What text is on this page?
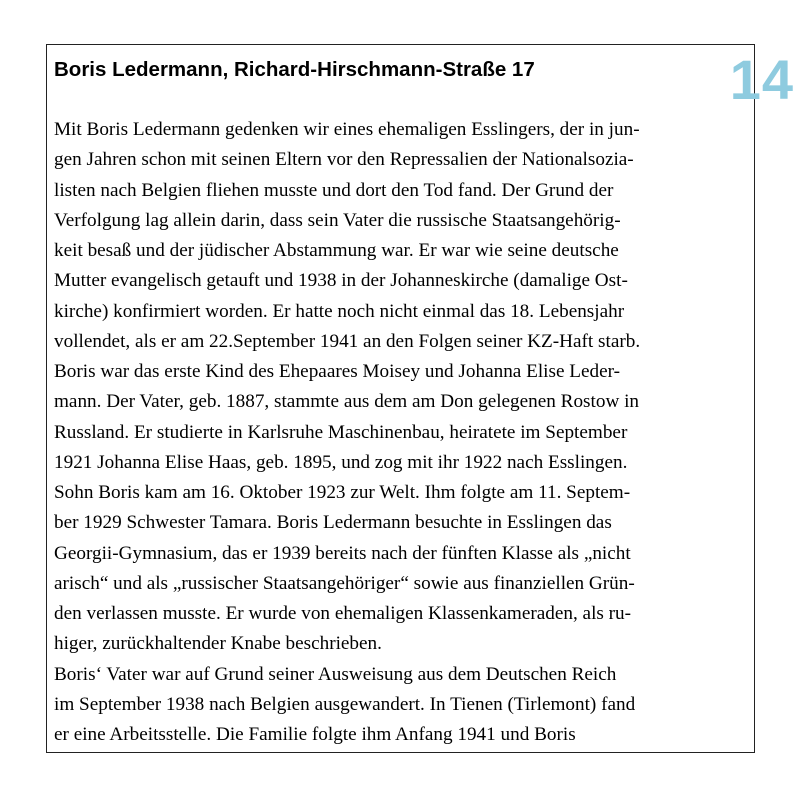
14
Boris Ledermann, Richard-Hirschmann-Straße 17
Mit Boris Ledermann gedenken wir eines ehemaligen Esslingers, der in jun-
gen Jahren schon mit seinen Eltern vor den Repressalien der Nationalsozia-
listen nach Belgien fliehen musste und dort den Tod fand. Der Grund der
Verfolgung lag allein darin, dass sein Vater die russische Staatsangehörig-
keit besaß und der jüdischer Abstammung war. Er war wie seine deutsche
Mutter evangelisch getauft und 1938 in der Johanneskirche (damalige Ost-
kirche) konfirmiert worden. Er hatte noch nicht einmal das 18. Lebensjahr
vollendet, als er am 22.September 1941 an den Folgen seiner KZ-Haft starb.
Boris war das erste Kind des Ehepaares Moisey und Johanna Elise Leder-
mann. Der Vater, geb. 1887, stammte aus dem am Don gelegenen Rostow in
Russland. Er studierte in Karlsruhe Maschinenbau, heiratete im September
1921 Johanna Elise Haas, geb. 1895, und zog mit ihr 1922 nach Esslingen.
Sohn Boris kam am 16. Oktober 1923 zur Welt. Ihm folgte am 11. Septem-
ber 1929 Schwester Tamara. Boris Ledermann besuchte in Esslingen das
Georgii-Gymnasium, das er 1939 bereits nach der fünften Klasse als „nicht
arisch“ und als „russischer Staatsangehöriger“ sowie aus finanziellen Grün-
den verlassen musste. Er wurde von ehemaligen Klassenkameraden, als ru-
higer, zurückhaltender Knabe beschrieben.
Boris‘ Vater war auf Grund seiner Ausweisung aus dem Deutschen Reich
im September 1938 nach Belgien ausgewandert. In Tienen (Tirlemont) fand
er eine Arbeitsstelle. Die Familie folgte ihm Anfang 1941 und Boris
